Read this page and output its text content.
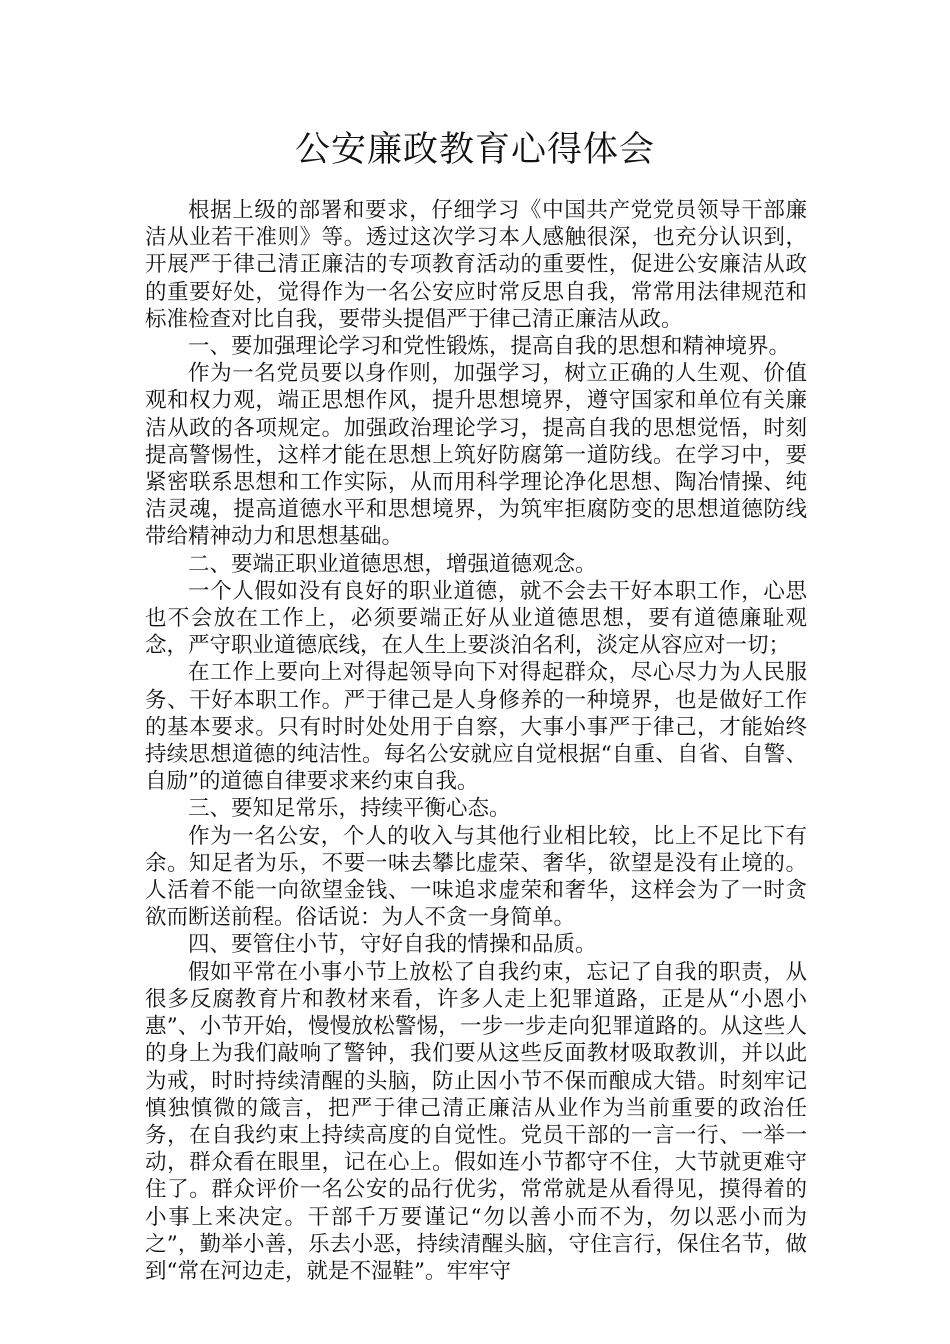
公安廉政教育心得体会

根据上级的部署和要求，仔细学习《中国共产党党员领导干部廉洁从业若干准则》等。透过这次学习本人感触很深，也充分认识到，开展严于律己清正廉洁的专项教育活动的重要性，促进公安廉洁从政的重要好处，觉得作为一名公安应时常反思自我，常常用法律规范和标准检查对比自我，要带头提倡严于律己清正廉洁从政。

一、要加强理论学习和党性锻炼，提高自我的思想和精神境界。

作为一名党员要以身作则，加强学习，树立正确的人生观、价值观和权力观，端正思想作风，提升思想境界，遵守国家和单位有关廉洁从政的各项规定。加强政治理论学习，提高自我的思想觉悟，时刻提高警惕性，这样才能在思想上筑好防腐第一道防线。在学习中，要紧密联系思想和工作实际，从而用科学理论净化思想、陶冶情操、纯洁灵魂，提高道德水平和思想境界，为筑牢拒腐防变的思想道德防线带给精神动力和思想基础。

二、要端正职业道德思想，增强道德观念。

一个人假如没有良好的职业道德，就不会去干好本职工作，心思也不会放在工作上，必须要端正好从业道德思想，要有道德廉耻观念，严守职业道德底线，在人生上要淡泊名利，淡定从容应对一切；

在工作上要向上对得起领导向下对得起群众，尽心尽力为人民服务、干好本职工作。严于律己是人身修养的一种境界，也是做好工作的基本要求。只有时时处处用于自察，大事小事严于律己，才能始终持续思想道德的纯洁性。每名公安就应自觉根据“自重、自省、自警、自励”的道德自律要求来约束自我。

三、要知足常乐，持续平衡心态。

作为一名公安，个人的收入与其他行业相比较，比上不足比下有余。知足者为乐，不要一味去攀比虚荣、奢华，欲望是没有止境的。人活着不能一向欲望金钱、一味追求虚荣和奢华，这样会为了一时贪欲而断送前程。俗话说：为人不贪一身简单。

四、要管住小节，守好自我的情操和品质。

假如平常在小事小节上放松了自我约束，忘记了自我的职责，从很多反腐教育片和教材来看，许多人走上犯罪道路，正是从“小恩小惠”、小节开始，慢慢放松警惕，一步一步走向犯罪道路的。从这些人的身上为我们敲响了警钟，我们要从这些反面教材吸取教训，并以此为戒，时时持续清醒的头脑，防止因小节不保而酿成大错。时刻牢记慎独慎微的箴言，把严于律己清正廉洁从业作为当前重要的政治任务，在自我约束上持续高度的自觉性。党员干部的一言一行、一举一动，群众看在眼里，记在心上。假如连小节都守不住，大节就更难守住了。群众评价一名公安的品行优劣，常常就是从看得见，摸得着的小事上来决定。干部千万要谨记“勿以善小而不为，勿以恶小而为之”，勤举小善，乐去小恶，持续清醒头脑，守住言行，保住名节，做到“常在河边走，就是不湿鞋”。牢牢守
